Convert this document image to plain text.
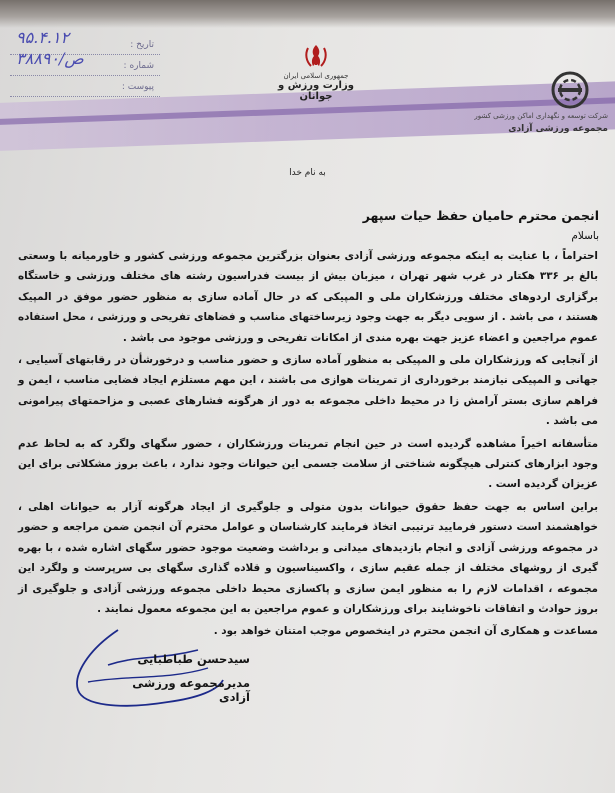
۹۵.۴.۱۲	تاریخ :
۳۸۸۹۰/ص	شماره :
پیوست :
جمهوری اسلامی ایران
وزارت ورزش و جوانان
شرکت توسعه و نگهداری اماکن ورزشی کشور
مجموعه ورزشی آزادی
به نام خدا
انجمن محترم حامیان حفظ حیات سپهر
باسلام

احتراماً ، با عنایت به اینکه مجموعه ورزشی آزادی بعنوان بزرگترین مجموعه ورزشی کشور و خاورمیانه با وسعتی بالغ بر ۳۳۶ هکتار در غرب شهر تهران ، میزبان بیش از بیست فدراسیون رشته های مختلف ورزشی و خاستگاه برگزاری اردوهای مختلف ورزشکاران ملی و المپیکی که در حال آماده سازی به منظور حضور موفق در المپیک هستند ، می باشد . از سویی دیگر به جهت وجود زیرساختهای مناسب و فضاهای تفریحی و ورزشی ، محل استفاده عموم مراجعین و اعضاء عزیز جهت بهره مندی از امکانات تفریحی و ورزشی موجود می باشد .

از آنجایی که ورزشکاران ملی و المپیکی به منظور آماده سازی و حضور مناسب و درخورشأن در رقابتهای آسیایی ، جهانی و المپیکی نیازمند برخورداری از تمرینات هوازی می باشند ، این مهم مستلزم ایجاد فضایی مناسب ، ایمن و فراهم سازی بستر آرامش زا در محیط داخلی مجموعه به دور از هرگونه فشارهای عصبی و مزاحمتهای پیرامونی می باشد .

متأسفانه اخیراً مشاهده گردیده است در حین انجام تمرینات ورزشکاران ، حضور سگهای ولگرد که به لحاظ عدم وجود ابزارهای کنترلی هیچگونه شناختی از سلامت جسمی این حیوانات وجود ندارد ، باعث بروز مشکلاتی برای این عزیزان گردیده است .

براین اساس به جهت حفظ حقوق حیوانات بدون متولی و جلوگیری از ایجاد هرگونه آزار به حیوانات اهلی ، خواهشمند است دستور فرمایید ترتیبی اتخاذ فرمایند کارشناسان و عوامل محترم آن انجمن ضمن مراجعه و حضور در مجموعه ورزشی آزادی و انجام بازدیدهای میدانی و برداشت وضعیت موجود حضور سگهای اشاره شده ، با بهره گیری از روشهای مختلف از جمله عقیم سازی ، واکسیناسیون و قلاده گذاری سگهای بی سرپرست و ولگرد این مجموعه ، اقدامات لازم را به منظور ایمن سازی و پاکسازی محیط داخلی مجموعه ورزشی آزادی و جلوگیری از بروز حوادث و اتفاقات ناخوشایند برای ورزشکاران و عموم مراجعین به این مجموعه معمول نمایند .

مساعدت و همکاری آن انجمن محترم در اینخصوص موجب امتنان خواهد بود .

سیدحسن طباطبایی
مدیرمجموعه ورزشی آزادی
